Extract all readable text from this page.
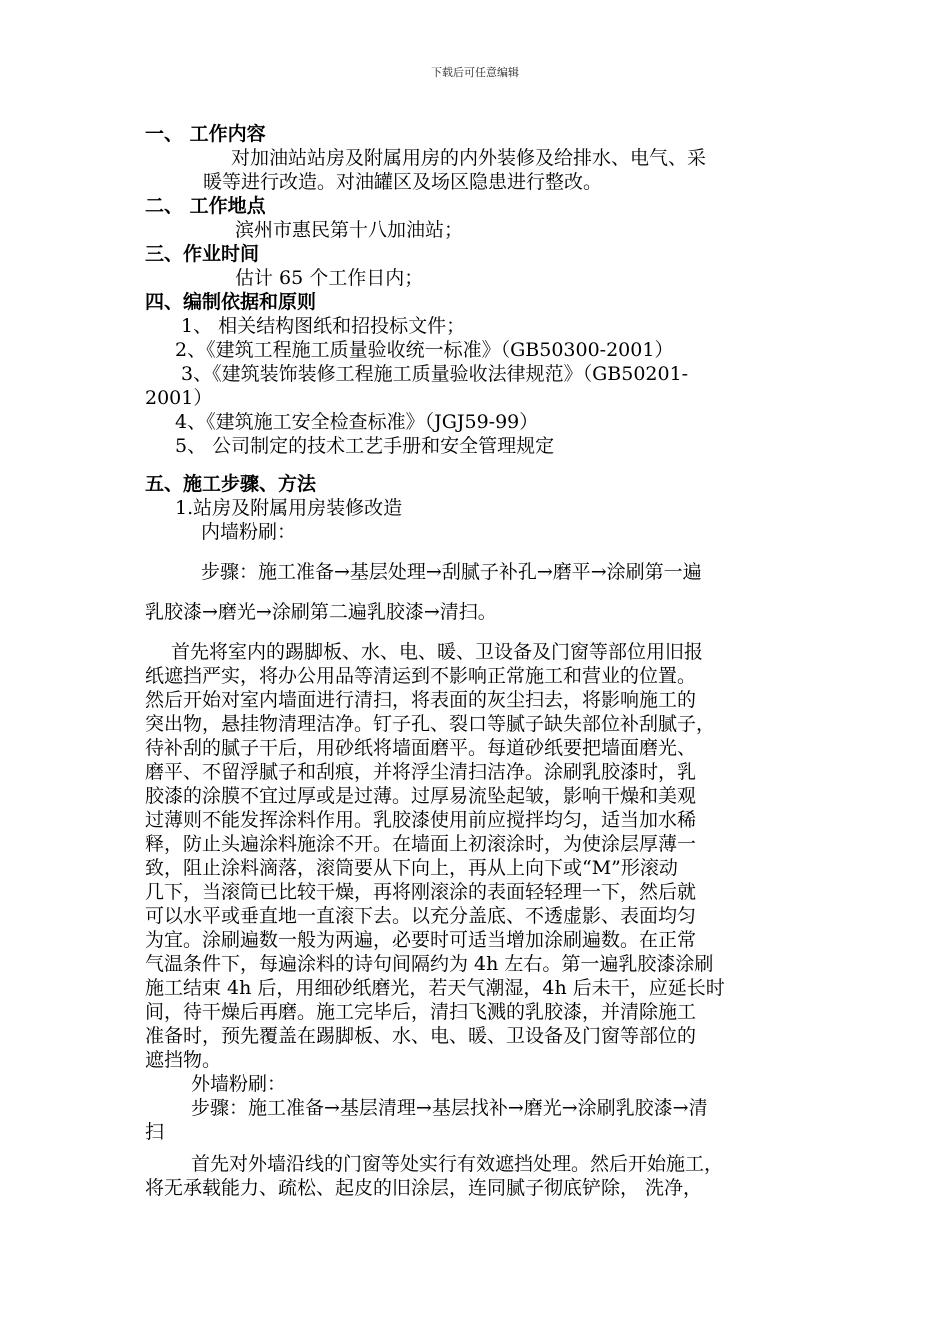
下载后可任意编辑
一、 工作内容
对加油站站房及附属用房的内外装修及给排水、电气、采
暖等进行改造。对油罐区及场区隐患进行整改。
二、 工作地点
滨州市惠民第十八加油站；
三、作业时间
估计 65 个工作日内；
四、编制依据和原则
1、 相关结构图纸和招投标文件；
2、《建筑工程施工质量验收统一标准》（GB50300-2001）
3、《建筑装饰装修工程施工质量验收法律规范》（GB50201-
2001）
4、《建筑施工安全检查标准》（JGJ59-99）
5、 公司制定的技术工艺手册和安全管理规定
五、施工步骤、方法
1.站房及附属用房装修改造
内墙粉刷：
步骤：施工准备→基层处理→刮腻子补孔→磨平→涂刷第一遍
乳胶漆→磨光→涂刷第二遍乳胶漆→清扫。
首先将室内的踢脚板、水、电、暖、卫设备及门窗等部位用旧报
纸遮挡严实，将办公用品等清运到不影响正常施工和营业的位置。
然后开始对室内墙面进行清扫，将表面的灰尘扫去，将影响施工的
突出物，悬挂物清理洁净。钉子孔、裂口等腻子缺失部位补刮腻子，
待补刮的腻子干后，用砂纸将墙面磨平。每道砂纸要把墙面磨光、
磨平、不留浮腻子和刮痕，并将浮尘清扫洁净。涂刷乳胶漆时，乳
胶漆的涂膜不宜过厚或是过薄。过厚易流坠起皱，影响干燥和美观
过薄则不能发挥涂料作用。乳胶漆使用前应搅拌均匀，适当加水稀
释，防止头遍涂料施涂不开。在墙面上初滚涂时，为使涂层厚薄一
致，阻止涂料滴落，滚筒要从下向上，再从上向下或“M”形滚动
几下，当滚筒已比较干燥，再将刚滚涂的表面轻轻理一下，然后就
可以水平或垂直地一直滚下去。以充分盖底、不透虚影、表面均匀
为宜。涂刷遍数一般为两遍，必要时可适当增加涂刷遍数。在正常
气温条件下，每遍涂料的诗句间隔约为 4h 左右。第一遍乳胶漆涂刷
施工结束 4h 后，用细砂纸磨光，若天气潮湿，4h 后未干，应延长时
间，待干燥后再磨。施工完毕后，清扫飞溅的乳胶漆，并清除施工
准备时，预先覆盖在踢脚板、水、电、暖、卫设备及门窗等部位的
遮挡物。
外墙粉刷：
步骤：施工准备→基层清理→基层找补→磨光→涂刷乳胶漆→清
扫
首先对外墙沿线的门窗等处实行有效遮挡处理。然后开始施工，
将无承载能力、疏松、起皮的旧涂层，连同腻子彻底铲除， 洗净，
